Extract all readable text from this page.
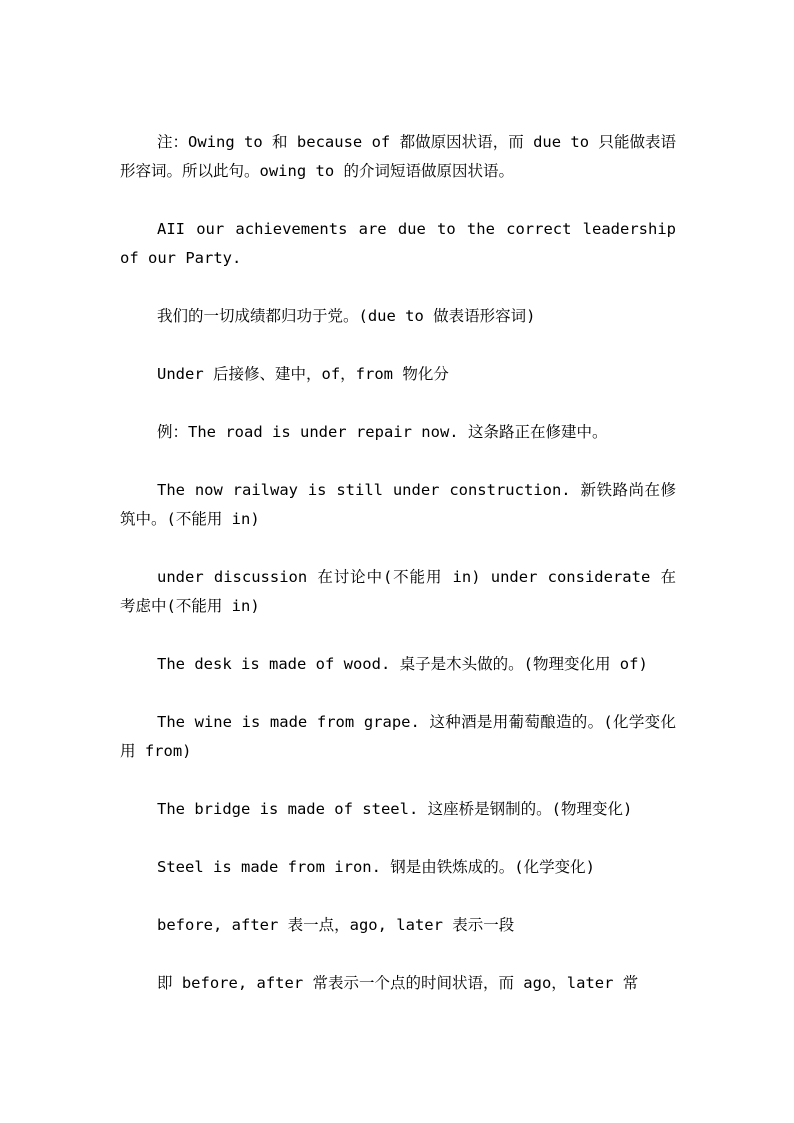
注：Owing to 和 because of 都做原因状语，而 due to 只能做表语形容词。所以此句。owing to 的介词短语做原因状语。

AII our achievements are due to the correct leadership of our Party.

我们的一切成绩都归功于党。(due to 做表语形容词)

Under 后接修、建中，of，from 物化分

例：The road is under repair now. 这条路正在修建中。

The now railway is still under construction. 新铁路尚在修筑中。(不能用 in)

under discussion 在讨论中(不能用 in) under considerate 在考虑中(不能用 in)

The desk is made of wood. 桌子是木头做的。(物理变化用 of)

The wine is made from grape. 这种酒是用葡萄酿造的。(化学变化用 from)

The bridge is made of steel. 这座桥是钢制的。(物理变化)

Steel is made from iron. 钢是由铁炼成的。(化学变化)

before, after 表一点，ago, later 表示一段

即 before, after 常表示一个点的时间状语，而 ago，later 常
